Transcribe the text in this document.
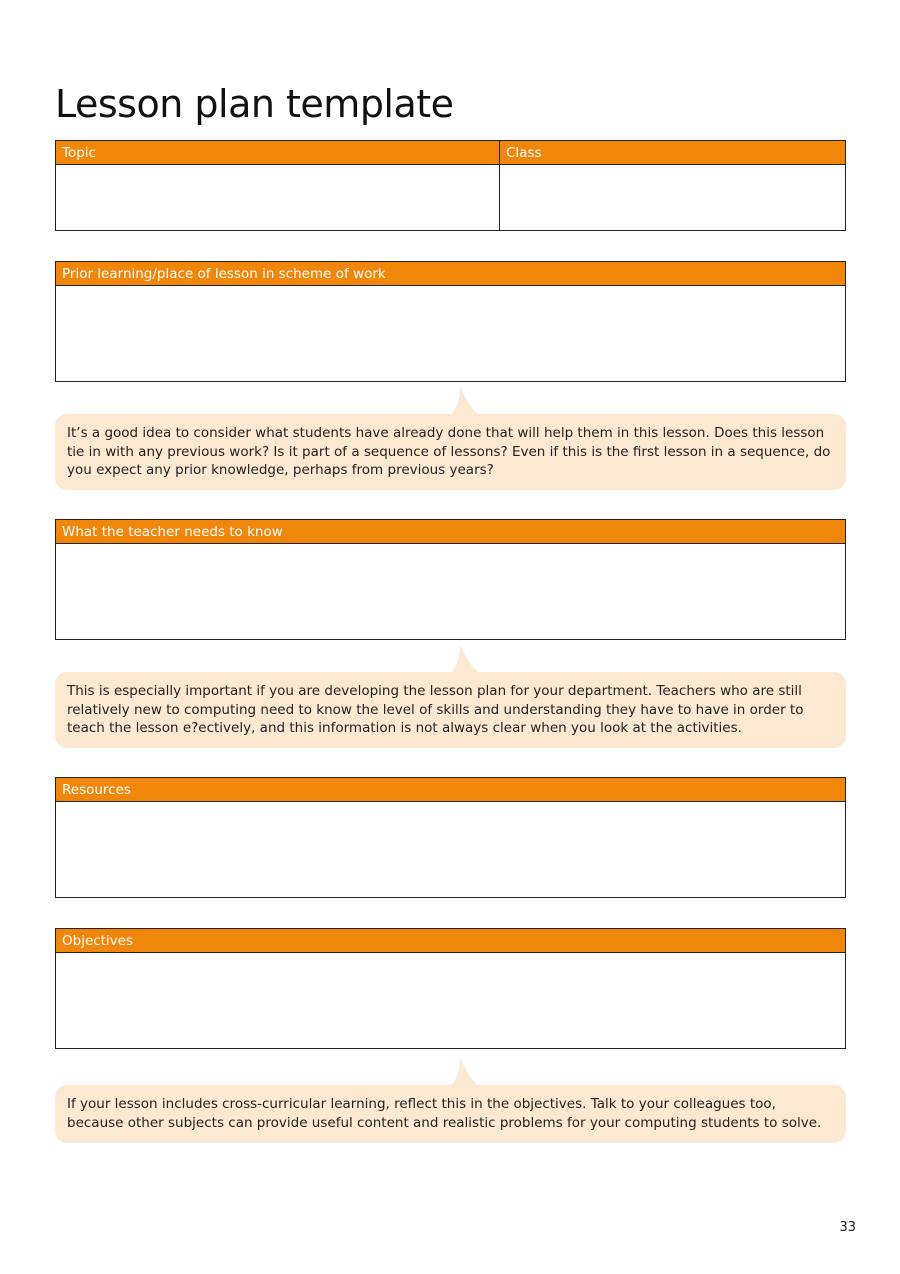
Lesson plan template
Topic	Class
Prior learning/place of lesson in scheme of work
It’s a good idea to consider what students have already done that will help them in this lesson. Does this lesson tie in with any previous work? Is it part of a sequence of lessons? Even if this is the first lesson in a sequence, do you expect any prior knowledge, perhaps from previous years?
What the teacher needs to know
This is especially important if you are developing the lesson plan for your department. Teachers who are still relatively new to computing need to know the level of skills and understanding they have to have in order to teach the lesson e?ectively, and this information is not always clear when you look at the activities.
Resources
Objectives
If your lesson includes cross-curricular learning, reflect this in the objectives. Talk to your colleagues too, because other subjects can provide useful content and realistic problems for your computing students to solve.
33
